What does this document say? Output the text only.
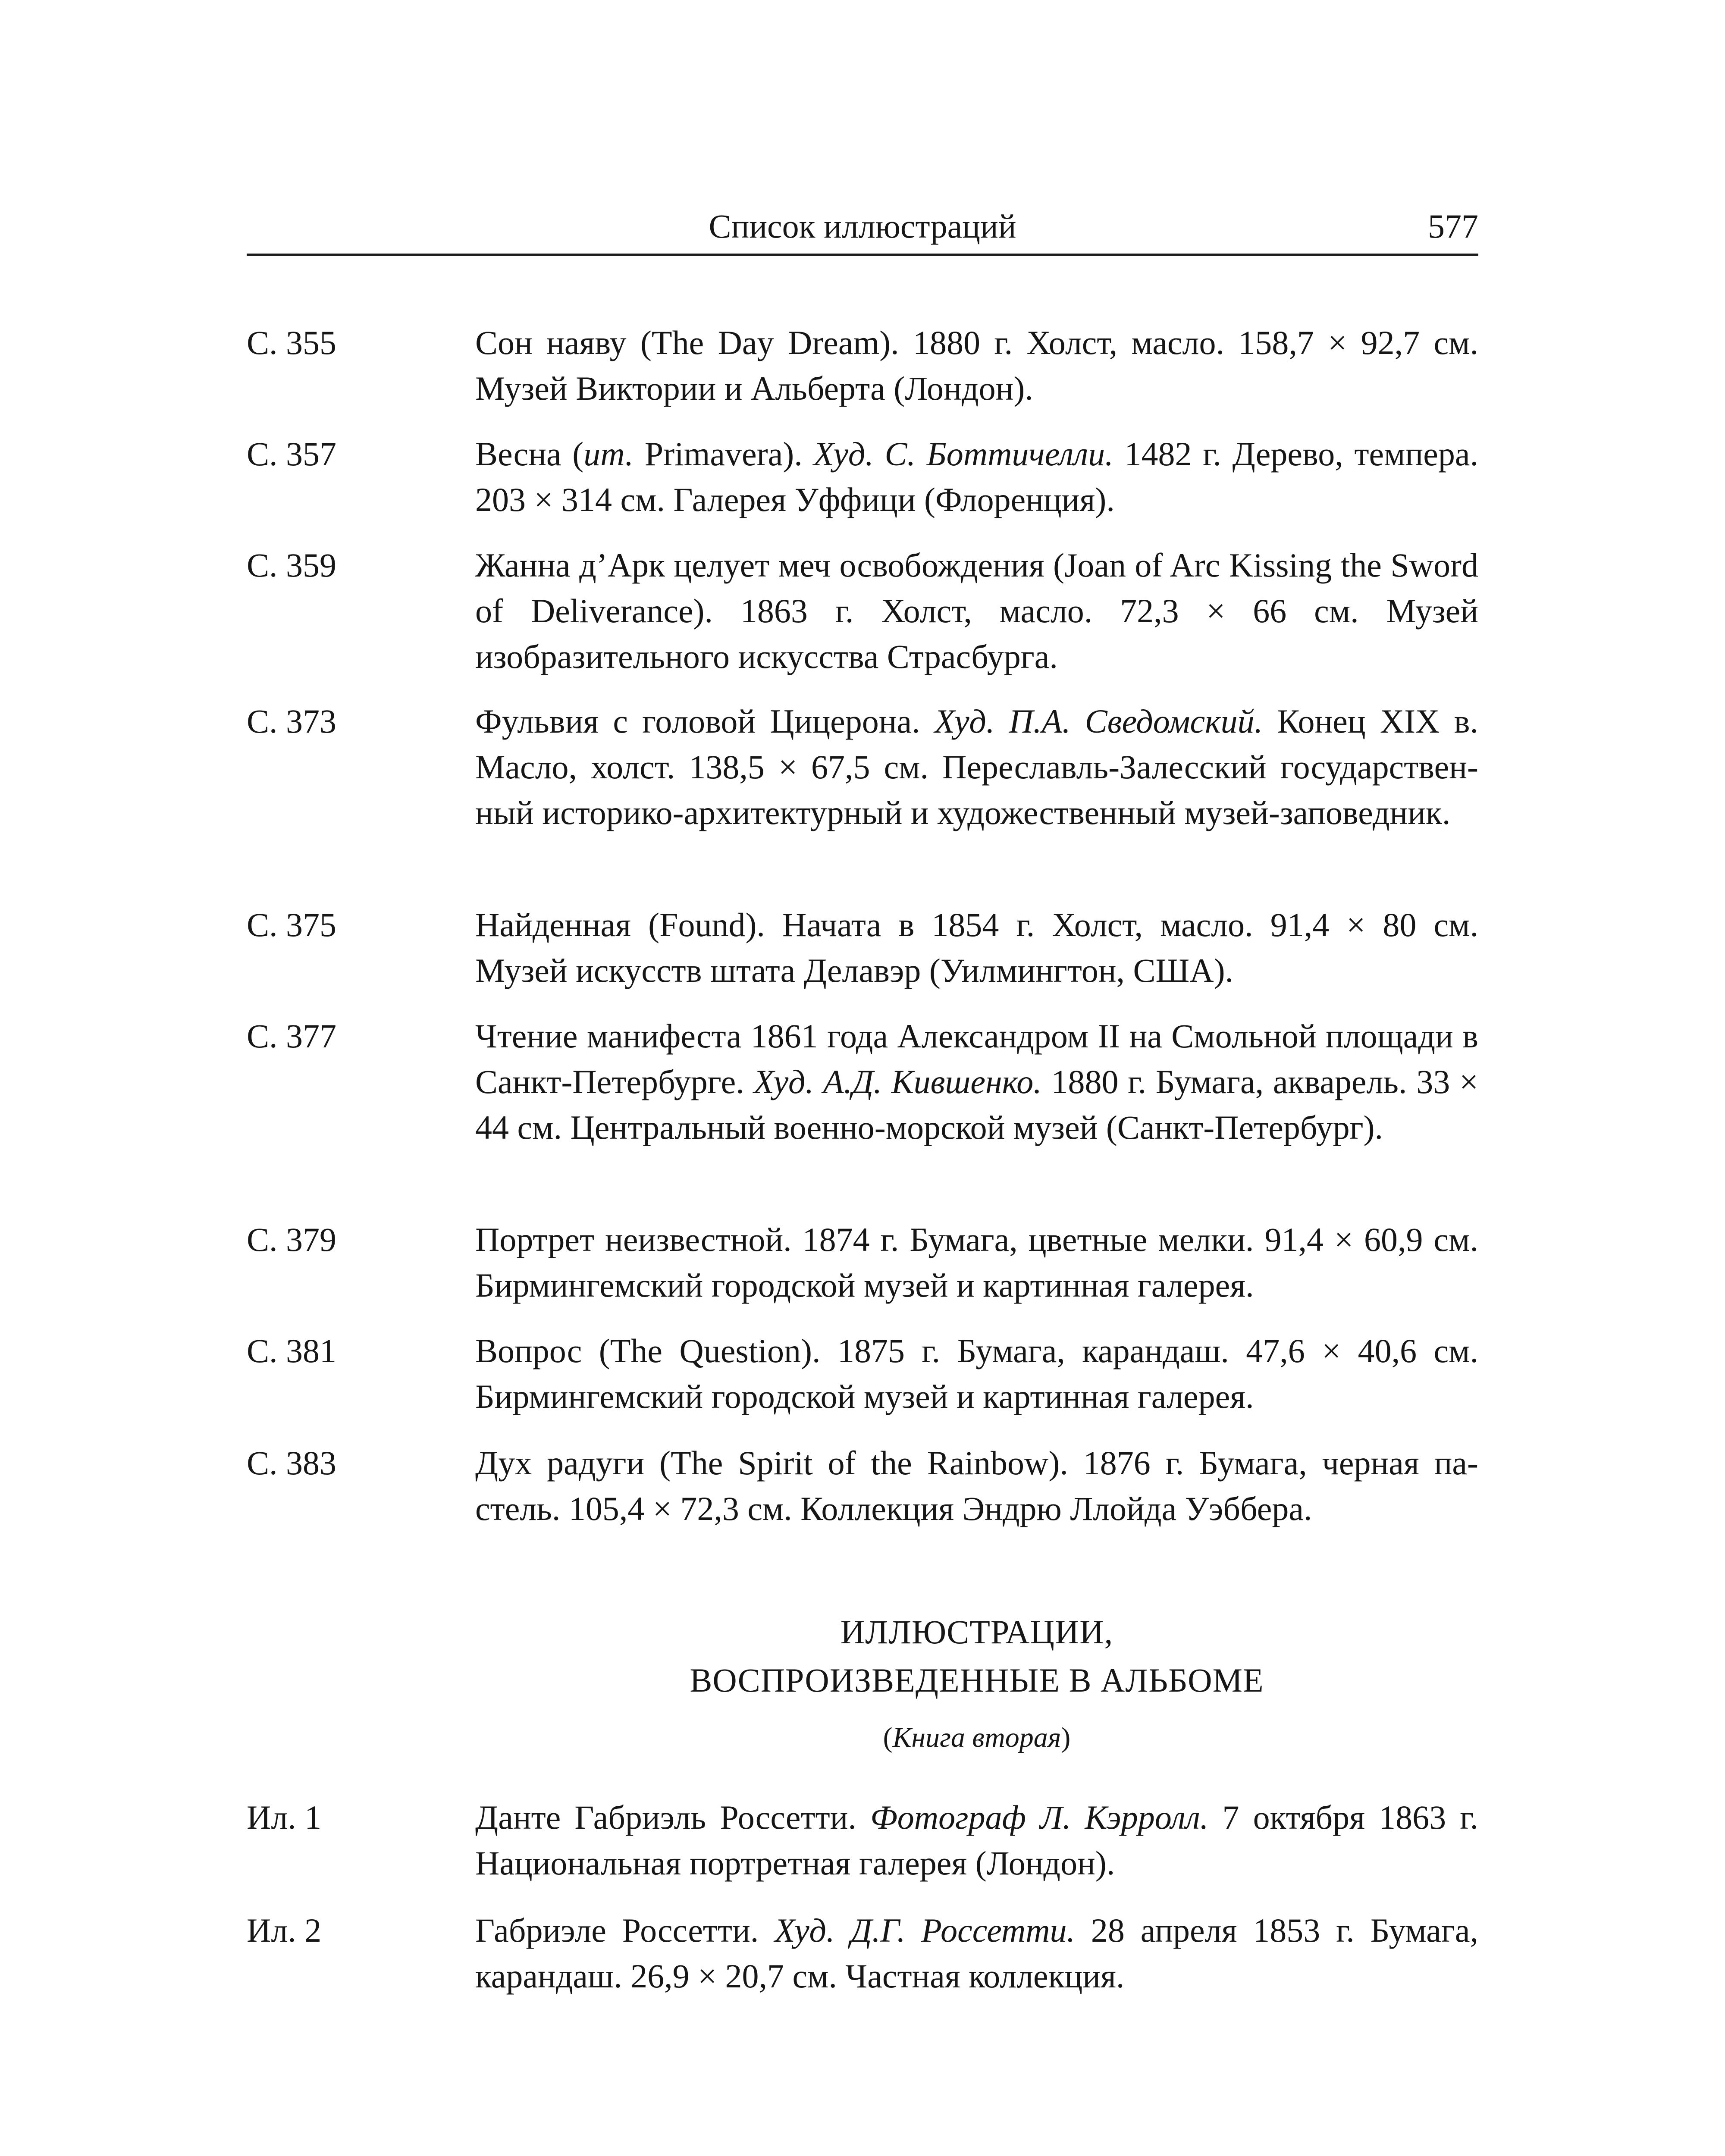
Список иллюстраций	577
С. 355	Сон наяву (The Day Dream). 1880 г. Холст, масло. 158,7 × 92,7 см. Музей Виктории и Альберта (Лондон).
С. 357	Весна (ит. Primavera). Худ. С. Боттичелли. 1482 г. Дерево, темпера. 203 × 314 см. Галерея Уффици (Флоренция).
С. 359	Жанна д’Арк целует меч освобождения (Joan of Arc Kissing the Sword of Deliverance). 1863 г. Холст, масло. 72,3 × 66 см. Музей изобразительного искусства Страсбурга.
С. 373	Фульвия с головой Цицерона. Худ. П.А. Сведомский. Конец XIX в. Масло, холст. 138,5 × 67,5 см. Переславль-Залесский государственный историко-архитектурный и художественный музей-заповедник.
С. 375	Найденная (Found). Начата в 1854 г. Холст, масло. 91,4 × 80 см. Музей искусств штата Делавэр (Уилмингтон, США).
С. 377	Чтение манифеста 1861 года Александром II на Смольной площади в Санкт-Петербурге. Худ. А.Д. Кившенко. 1880 г. Бумага, акварель. 33 × 44 см. Центральный военно-морской музей (Санкт-Петербург).
С. 379	Портрет неизвестной. 1874 г. Бумага, цветные мелки. 91,4 × 60,9 см. Бирмингемский городской музей и картинная галерея.
С. 381	Вопрос (The Question). 1875 г. Бумага, карандаш. 47,6 × 40,6 см. Бирмингемский городской музей и картинная галерея.
С. 383	Дух радуги (The Spirit of the Rainbow). 1876 г. Бумага, черная пастель. 105,4 × 72,3 см. Коллекция Эндрю Ллойда Уэббера.
ИЛЛЮСТРАЦИИ,
ВОСПРОИЗВЕДЕННЫЕ В АЛЬБОМЕ
(Книга вторая)
Ил. 1	Данте Габриэль Россетти. Фотограф Л. Кэрролл. 7 октября 1863 г. Национальная портретная галерея (Лондон).
Ил. 2	Габриэле Россетти. Худ. Д.Г. Россетти. 28 апреля 1853 г. Бумага, карандаш. 26,9 × 20,7 см. Частная коллекция.
